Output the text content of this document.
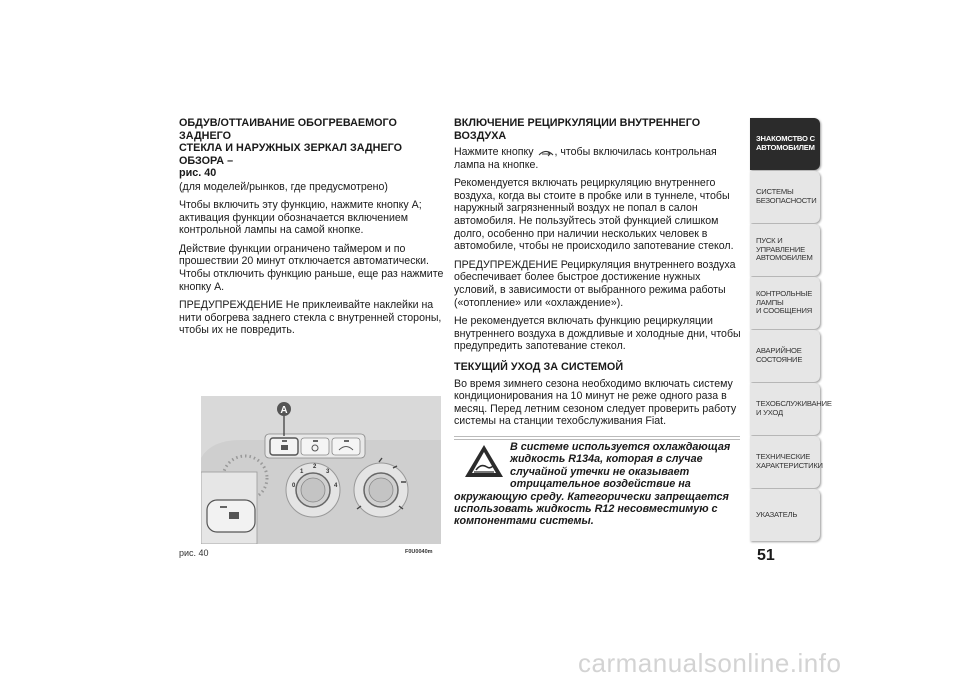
ОБДУВ/ОТТАИВАНИЕ ОБОГРЕВАЕМОГО ЗАДНЕГО
СТЕКЛА И НАРУЖНЫХ ЗЕРКАЛ ЗАДНЕГО ОБЗОРА –
рис. 40

(для моделей/рынков, где предусмотрено)

Чтобы включить эту функцию, нажмите кнопку A; активация функции обозначается включением контрольной лампы на самой кнопке.

Действие функции ограничено таймером и по прошествии 20 минут отключается автоматически. Чтобы отключить функцию раньше, еще раз нажмите кнопку A.

ПРЕДУПРЕЖДЕНИЕ Не приклеивайте наклейки на нити обогрева заднего стекла с внутренней стороны, чтобы их не повредить.

A
0
1
2
3
4
рис. 40	F0U0040m
ВКЛЮЧЕНИЕ РЕЦИРКУЛЯЦИИ ВНУТРЕННЕГО ВОЗДУХА

Нажмите кнопку , чтобы включилась контрольная лампа на кнопке.

Рекомендуется включать рециркуляцию внутреннего воздуха, когда вы стоите в пробке или в туннеле, чтобы наружный загрязненный воздух не попал в салон автомобиля. Не пользуйтесь этой функцией слишком долго, особенно при наличии нескольких человек в автомобиле, чтобы не происходило запотевание стекол.

ПРЕДУПРЕЖДЕНИЕ Рециркуляция внутреннего воздуха обеспечивает более быстрое достижение нужных условий, в зависимости от выбранного режима работы («отопление» или «охлаждение»).

Не рекомендуется включать функцию рециркуляции внутреннего воздуха в дождливые и холодные дни, чтобы предупредить запотевание стекол.

ТЕКУЩИЙ УХОД ЗА СИСТЕМОЙ

Во время зимнего сезона необходимо включать систему кондиционирования на 10 минут не реже одного раза в месяц. Перед летним сезоном следует проверить работу системы на станции техобслуживания Fiat.

В системе используется охлаждающая
жидкость R134a, которая в случае
случайной утечки не оказывает
отрицательное воздействие на
окружающую среду. Категорически запрещается использовать жидкость R12 несовместимую с компонентами системы.
ЗНАКОМСТВО С
АВТОМОБИЛЕМ
СИСТЕМЫ
БЕЗОПАСНОСТИ
ПУСК И УПРАВЛЕНИЕ
АВТОМОБИЛЕМ
КОНТРОЛЬНЫЕ
ЛАМПЫ
И СООБЩЕНИЯ
АВАРИЙНОЕ
СОСТОЯНИЕ
ТЕХОБСЛУЖИВАНИЕ
И УХОД
ТЕХНИЧЕСКИЕ
ХАРАКТЕРИСТИКИ
УКАЗАТЕЛЬ
51
carmanualsonline.info
